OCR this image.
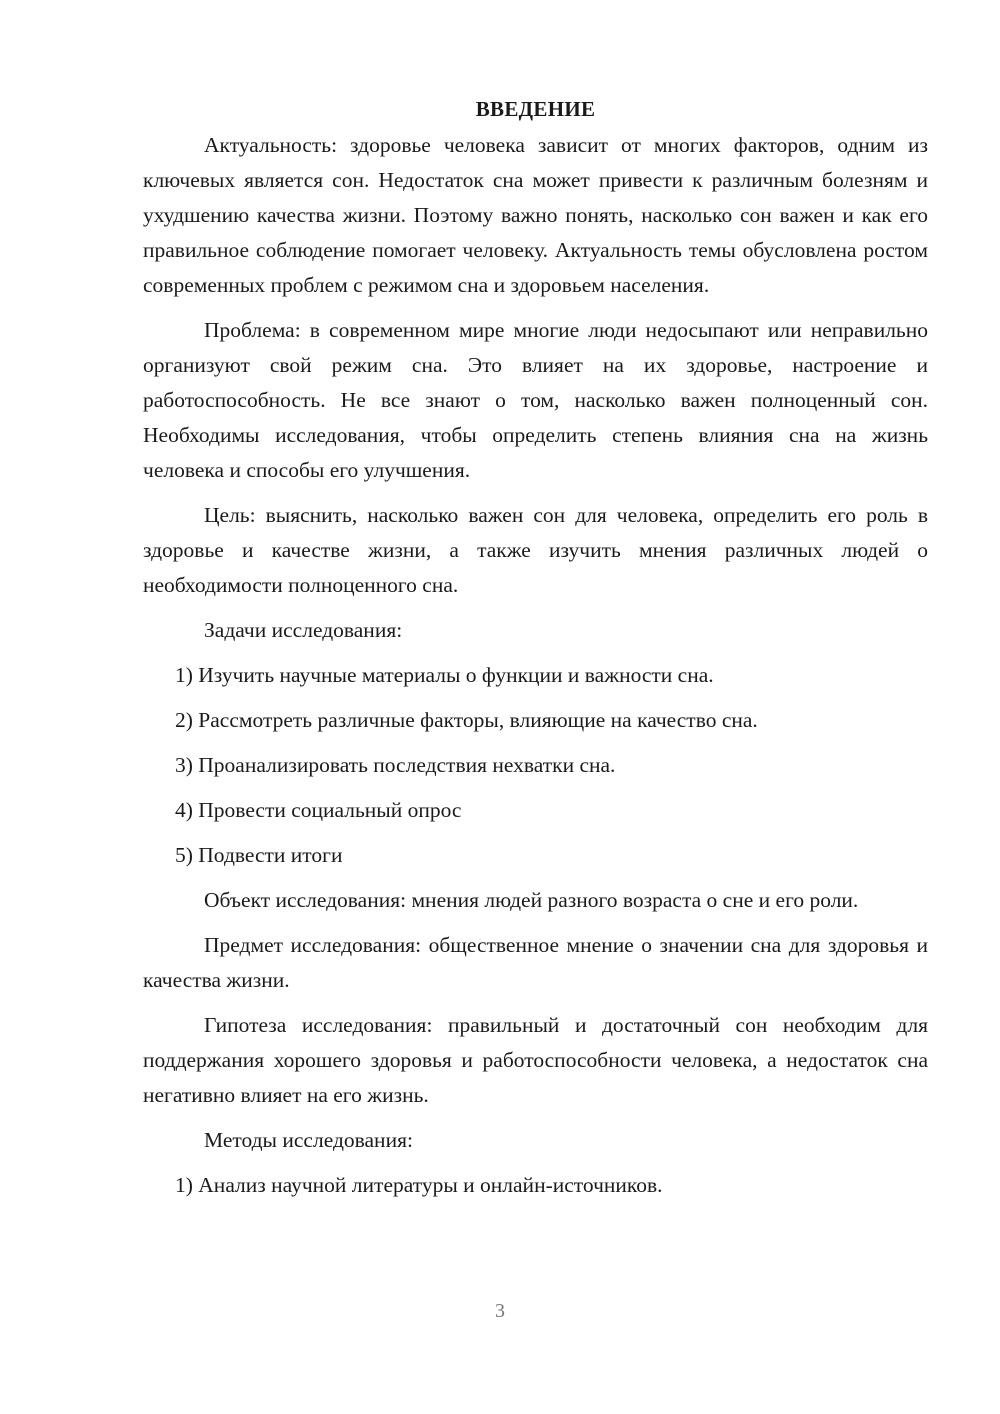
ВВЕДЕНИЕ

Актуальность: здоровье человека зависит от многих факторов, одним из ключевых является сон. Недостаток сна может привести к различным болезням и ухудшению качества жизни. Поэтому важно понять, насколько сон важен и как его правильное соблюдение помогает человеку. Актуальность темы обусловлена ростом современных проблем с режимом сна и здоровьем населения.

Проблема: в современном мире многие люди недосыпают или неправильно организуют свой режим сна. Это влияет на их здоровье, настроение и работоспособность. Не все знают о том, насколько важен полноценный сон. Необходимы исследования, чтобы определить степень влияния сна на жизнь человека и способы его улучшения.

Цель: выяснить, насколько важен сон для человека, определить его роль в здоровье и качестве жизни, а также изучить мнения различных людей о необходимости полноценного сна.

Задачи исследования:
1) Изучить научные материалы о функции и важности сна.
2) Рассмотреть различные факторы, влияющие на качество сна.
3) Проанализировать последствия нехватки сна.
4) Провести социальный опрос
5) Подвести итоги

Объект исследования: мнения людей разного возраста о сне и его роли.

Предмет исследования: общественное мнение о значении сна для здоровья и качества жизни.

Гипотеза исследования: правильный и достаточный сон необходим для поддержания хорошего здоровья и работоспособности человека, а недостаток сна негативно влияет на его жизнь.

Методы исследования:
1) Анализ научной литературы и онлайн-источников.
3
